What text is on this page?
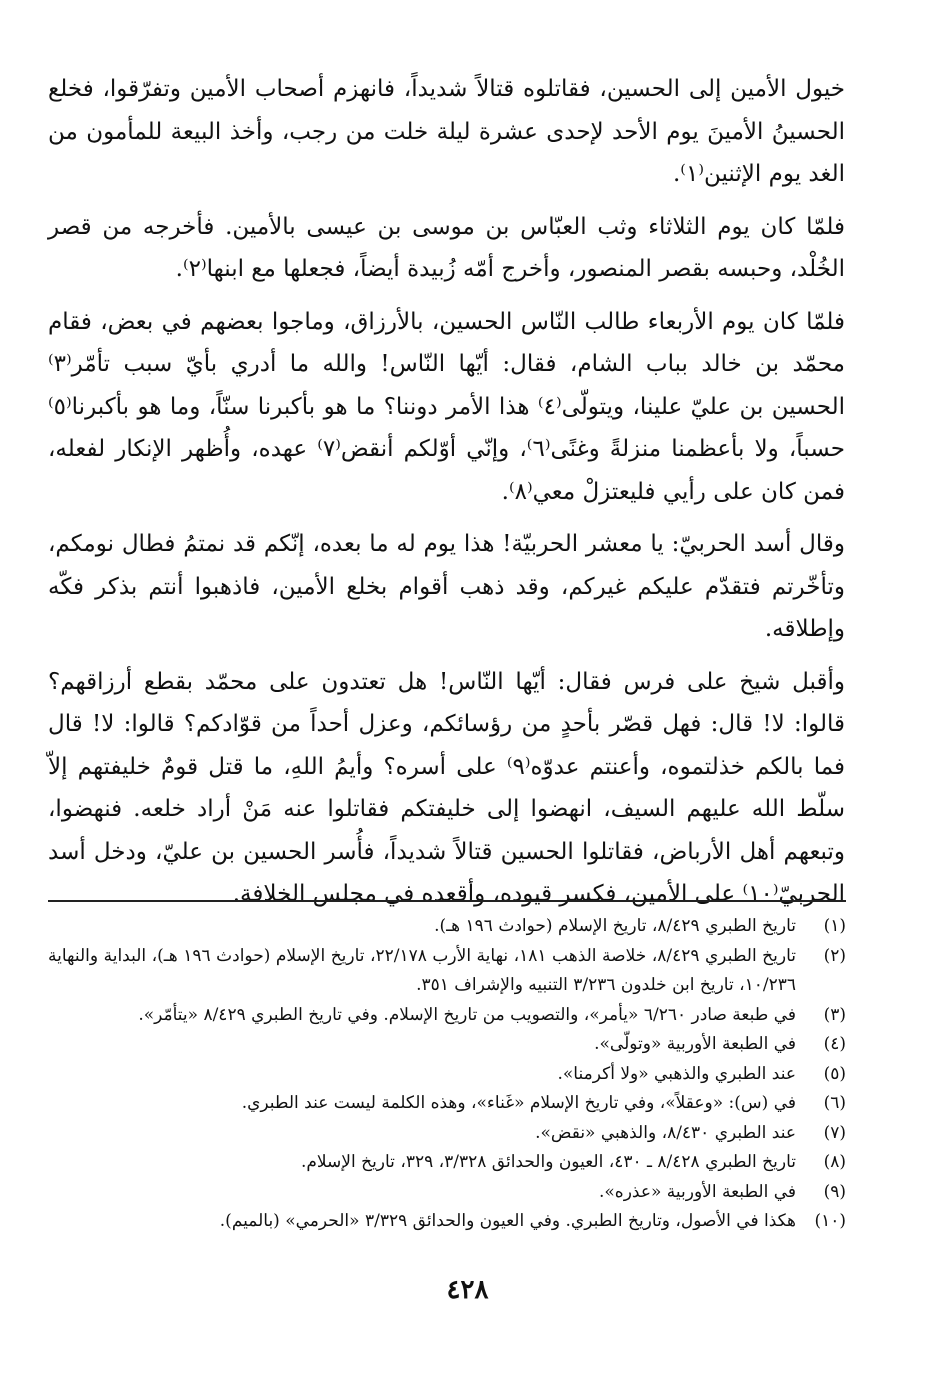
خيول الأمين إلى الحسين، فقاتلوه قتالاً شديداً، فانهزم أصحاب الأمين وتفرّقوا، فخلع الحسينُ الأمينَ يوم الأحد لإحدى عشرة ليلة خلت من رجب، وأخذ البيعة للمأمون من الغد يوم الإثنين⁽١⁾.

فلمّا كان يوم الثلاثاء وثب العبّاس بن موسى بن عيسى بالأمين. فأخرجه من قصر الخُلْد، وحبسه بقصر المنصور، وأخرج أمّه زُبيدة أيضاً، فجعلها مع ابنها⁽٢⁾.

فلمّا كان يوم الأربعاء طالب النّاس الحسين، بالأرزاق، وماجوا بعضهم في بعض، فقام محمّد بن خالد بباب الشام، فقال: أيّها النّاس! والله ما أدري بأيّ سبب تأمّر⁽٣⁾ الحسين بن عليّ علينا، ويتولّى⁽٤⁾ هذا الأمر دوننا؟ ما هو بأكبرنا سنّاً، وما هو بأكبرنا⁽٥⁾ حسباً، ولا بأعظمنا منزلةً وغنًى⁽٦⁾، وإنّي أوّلكم أنقض⁽٧⁾ عهده، وأُظهر الإنكار لفعله، فمن كان على رأيي فليعتزلْ معي⁽٨⁾.

وقال أسد الحربيّ: يا معشر الحربيّة! هذا يوم له ما بعده، إنّكم قد نمتمُ فطال نومكم، وتأخّرتم فتقدّم عليكم غيركم، وقد ذهب أقوام بخلع الأمين، فاذهبوا أنتم بذكر فكّه وإطلاقه.

وأقبل شيخ على فرس فقال: أيّها النّاس! هل تعتدون على محمّد بقطع أرزاقهم؟ قالوا: لا! قال: فهل قصّر بأحدٍ من رؤسائكم، وعزل أحداً من قوّادكم؟ قالوا: لا! قال فما بالكم خذلتموه، وأعنتم عدوّه⁽٩⁾ على أسره؟ وأيمُ اللهِ، ما قتل قومٌ خليفتهم إلاّ سلّط الله عليهم السيف، انهضوا إلى خليفتكم فقاتلوا عنه مَنْ أراد خلعه. فنهضوا، وتبعهم أهل الأرباض، فقاتلوا الحسين قتالاً شديداً، فأُسر الحسين بن عليّ، ودخل أسد الحربيّ⁽١٠⁾ على الأمين، فكسر قيوده، وأقعده في مجلس الخلافة.

(١)
تاريخ الطبري ٨/٤٢٩، تاريخ الإسلام (حوادث ١٩٦ هـ).
(٢)
تاريخ الطبري ٨/٤٢٩، خلاصة الذهب ١٨١، نهاية الأرب ٢٢/١٧٨، تاريخ الإسلام (حوادث ١٩٦ هـ)، البداية والنهاية ١٠/٢٣٦، تاريخ ابن خلدون ٣/٢٣٦ التنبيه والإشراف ٣٥١.
(٣)
في طبعة صادر ٦/٢٦٠ «يأمر»، والتصويب من تاريخ الإسلام. وفي تاريخ الطبري ٨/٤٢٩ «يتأمّر».
(٤)
في الطبعة الأوربية «وتولّى».
(٥)
عند الطبري والذهبي «ولا أكرمنا».
(٦)
في (س): «وعقلاً»، وفي تاريخ الإسلام «غَناء»، وهذه الكلمة ليست عند الطبري.
(٧)
عند الطبري ٨/٤٣٠، والذهبي «نقض».
(٨)
تاريخ الطبري ٨/٤٢٨ ـ ٤٣٠، العيون والحدائق ٣/٣٢٨، ٣٢٩، تاريخ الإسلام.
(٩)
في الطبعة الأوربية «عذره».
(١٠)
هكذا في الأصول، وتاريخ الطبري. وفي العيون والحدائق ٣/٣٢٩ «الحرمي» (بالميم).
٤٢٨
